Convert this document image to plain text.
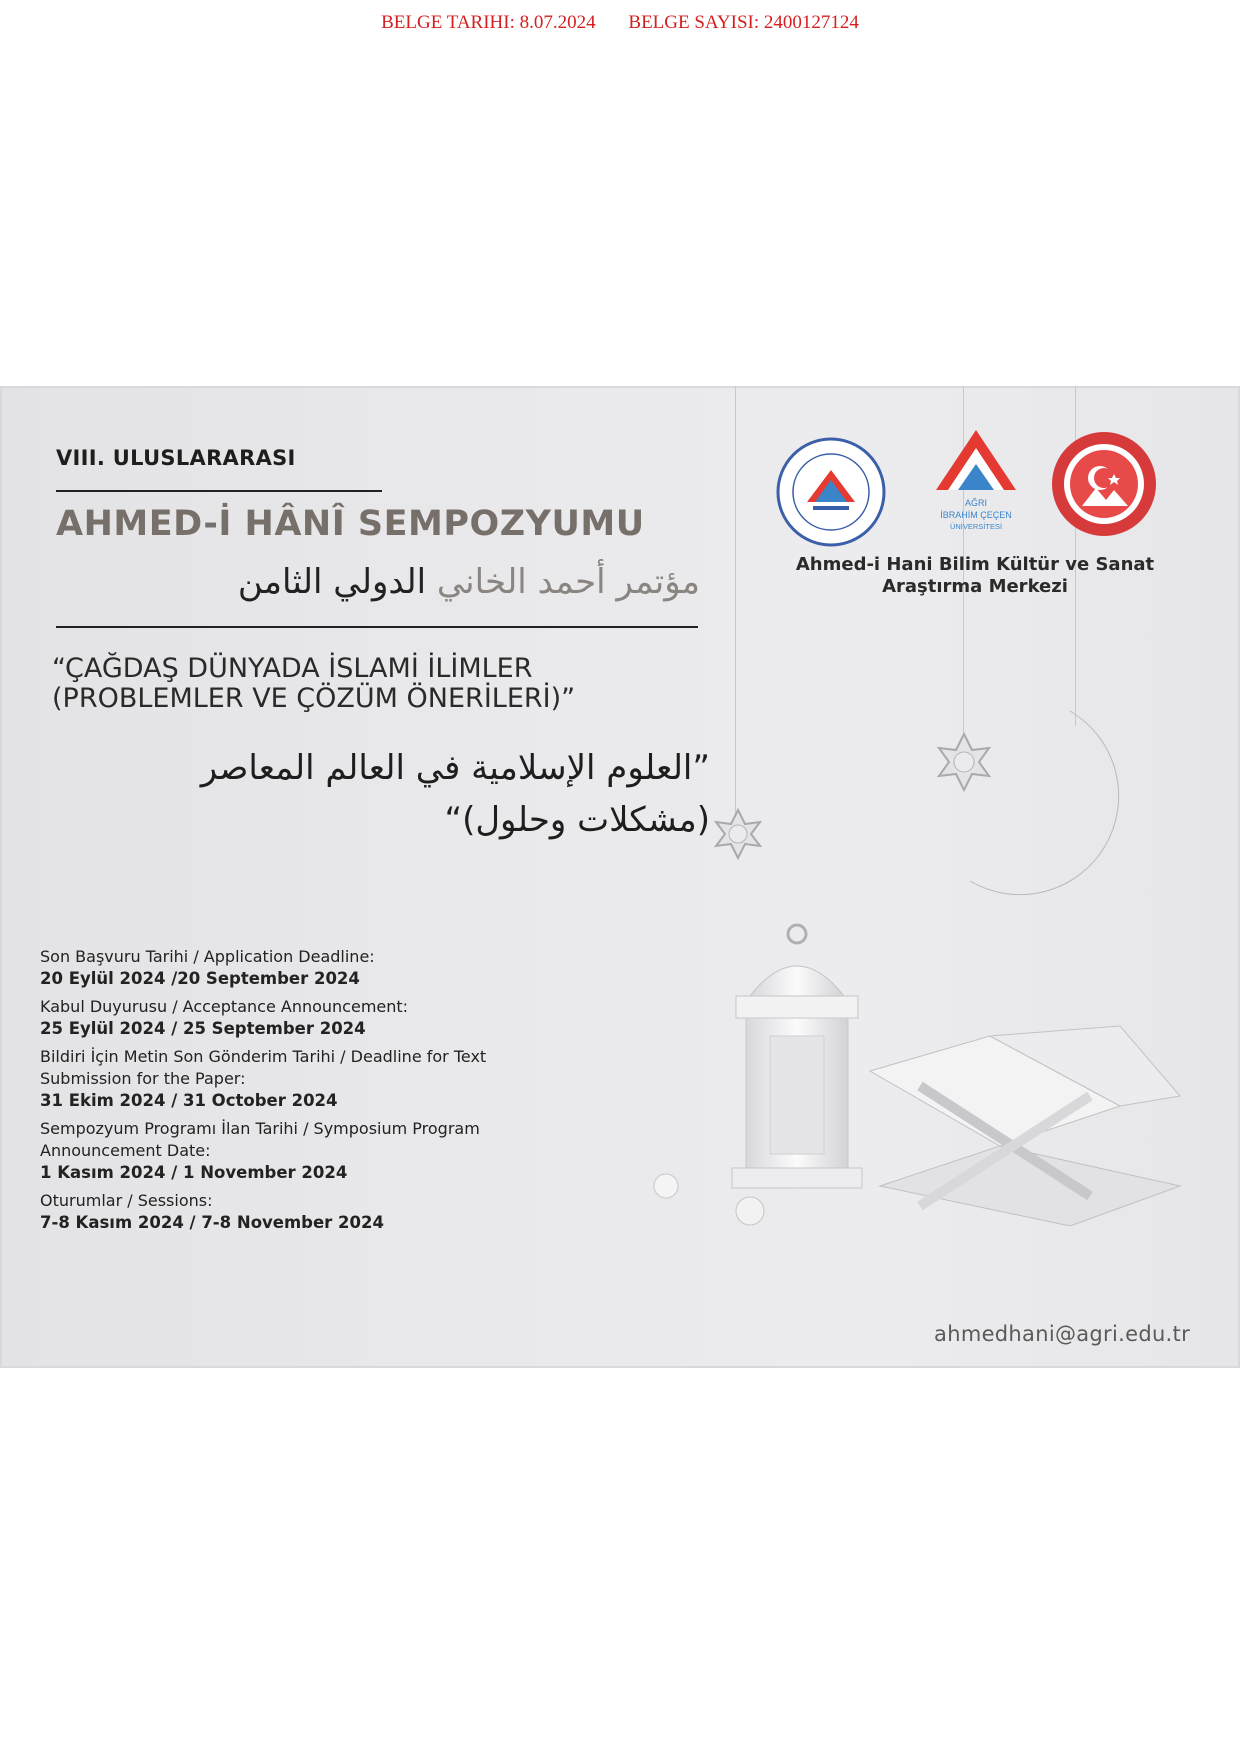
BELGE TARIHI: 8.07.2024 BELGE SAYISI: 2400127124
AĞRI
İBRAHİM ÇEÇEN
ÜNİVERSİTESİ
Ahmed-i Hani Bilim Kültür ve Sanat
Araştırma Merkezi
VIII. ULUSLARARASI
AHMED-İ HÂNÎ SEMPOZYUMU
مؤتمر أحمد الخاني الدولي الثامن
“ÇAĞDAŞ DÜNYADA İSLAMİ İLİMLER
(PROBLEMLER VE ÇÖZÜM ÖNERİLERİ)”
”العلوم الإسلامية في العالم المعاصر
(مشكلات وحلول)“
Son Başvuru Tarihi / Application Deadline:
20 Eylül 2024 /20 September 2024
Kabul Duyurusu / Acceptance Announcement:
25 Eylül 2024 / 25 September 2024
Bildiri İçin Metin Son Gönderim Tarihi / Deadline for Text Submission for the Paper:
31 Ekim 2024 / 31 October 2024
Sempozyum Programı İlan Tarihi / Symposium Program Announcement Date:
1 Kasım 2024 / 1 November 2024
Oturumlar / Sessions:
7-8 Kasım 2024 / 7-8 November 2024
ahmedhani@agri.edu.tr
